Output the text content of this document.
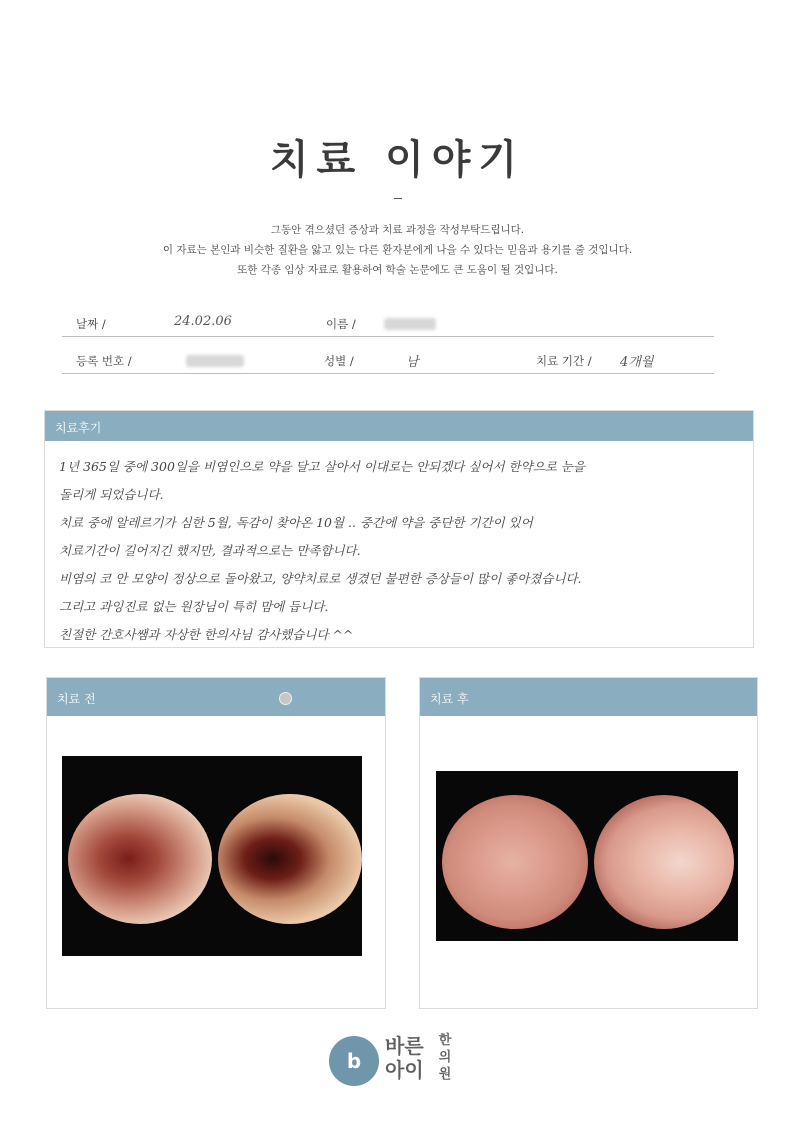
치료 이야기
그동안 겪으셨던 증상과 치료 과정을 작성부탁드립니다.
이 자료는 본인과 비슷한 질환을 앓고 있는 다른 환자분에게 나을 수 있다는 믿음과 용기를 줄 것입니다.
또한 각종 임상 자료로 활용하여 학술 논문에도 큰 도움이 될 것입니다.
날짜 /	24.02.06	이름 /
등록 번호 /	성별 /	남	치료 기간 / 4개월
치료후기
1년 365일 중에 300일을 비염인으로 약을 달고 살아서 이대로는 안되겠다 싶어서 한약으로 눈을
돌리게 되었습니다.
치료 중에 알레르기가 심한 5월, 독감이 찾아온 10월 .. 중간에 약을 중단한 기간이 있어
치료기간이 길어지긴 했지만, 결과적으로는 만족합니다.
비염의 코 안 모양이 정상으로 돌아왔고, 양약치료로 생겼던 불편한 증상들이 많이 좋아졌습니다.
그리고 과잉진료 없는 원장님이 특히 맘에 듭니다.
친절한 간호사쌤과 자상한 한의사님 감사했습니다 ^^
치료 전	치료 후
b
바른
아이
한
의
원
